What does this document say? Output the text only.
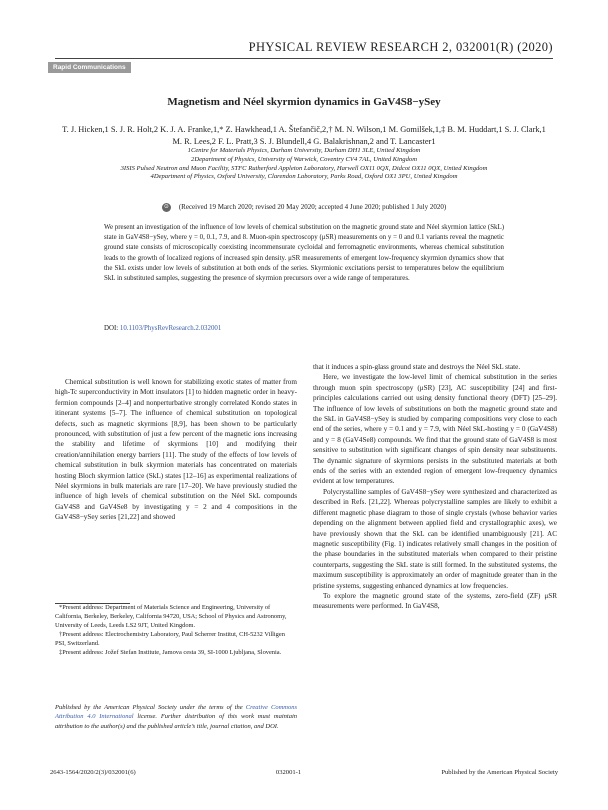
PHYSICAL REVIEW RESEARCH 2, 032001(R) (2020)
Rapid Communications
Magnetism and Néel skyrmion dynamics in GaV4S8−ySey
T. J. Hicken,1 S. J. R. Holt,2 K. J. A. Franke,1,* Z. Hawkhead,1 A. Štefančič,2,† M. N. Wilson,1 M. Gomilšek,1,‡ B. M. Huddart,1 S. J. Clark,1 M. R. Lees,2 F. L. Pratt,3 S. J. Blundell,4 G. Balakrishnan,2 and T. Lancaster1
1Centre for Materials Physics, Durham University, Durham DH1 3LE, United Kingdom
2Department of Physics, University of Warwick, Coventry CV4 7AL, United Kingdom
3ISIS Pulsed Neutron and Muon Facility, STFC Rutherford Appleton Laboratory, Harwell OX11 0QX, Didcot OX11 0QX, United Kingdom
4Department of Physics, Oxford University, Clarendon Laboratory, Parks Road, Oxford OX1 3PU, United Kingdom
⊙ (Received 19 March 2020; revised 20 May 2020; accepted 4 June 2020; published 1 July 2020)
We present an investigation of the influence of low levels of chemical substitution on the magnetic ground state and Néel skyrmion lattice (SkL) state in GaV4S8−ySey, where y = 0, 0.1, 7.9, and 8. Muon-spin spectroscopy (μSR) measurements on y = 0 and 0.1 variants reveal the magnetic ground state consists of microscopically coexisting incommensurate cycloidal and ferromagnetic environments, whereas chemical substitution leads to the growth of localized regions of increased spin density. μSR measurements of emergent low-frequency skyrmion dynamics show that the SkL exists under low levels of substitution at both ends of the series. Skyrmionic excitations persist to temperatures below the equilibrium SkL in substituted samples, suggesting the presence of skyrmion precursors over a wide range of temperatures.
DOI: 10.1103/PhysRevResearch.2.032001

Chemical substitution is well known for stabilizing exotic states of matter from high-Tc superconductivity in Mott insulators [1] to hidden magnetic order in heavy-fermion compounds [2–4] and nonperturbative strongly correlated Kondo states in itinerant systems [5–7]. The influence of chemical substitution on topological defects, such as magnetic skyrmions [8,9], has been shown to be particularly pronounced, with substitution of just a few percent of the magnetic ions increasing the stability and lifetime of skyrmions [10] and modifying their creation/annihilation energy barriers [11]. The study of the effects of low levels of chemical substitution in bulk skyrmion materials has concentrated on materials hosting Bloch skyrmion lattice (SkL) states [12–16] as experimental realizations of Néel skyrmions in bulk materials are rare [17–20]. We have previously studied the influence of high levels of chemical substitution on the Néel SkL compounds GaV4S8 and GaV4Se8 by investigating y = 2 and 4 compositions in the GaV4S8−ySey series [21,22] and showed

that it induces a spin-glass ground state and destroys the Néel SkL state.

Here, we investigate the low-level limit of chemical substitution in the series through muon spin spectroscopy (μSR) [23], AC susceptibility [24] and first-principles calculations carried out using density functional theory (DFT) [25–29]. The influence of low levels of substitutions on both the magnetic ground state and the SkL in GaV4S8−ySey is studied by comparing compositions very close to each end of the series, where y = 0.1 and y = 7.9, with Néel SkL-hosting y = 0 (GaV4S8) and y = 8 (GaV4Se8) compounds. We find that the ground state of GaV4S8 is most sensitive to substitution with significant changes of spin density near substituents. The dynamic signature of skyrmions persists in the substituted materials at both ends of the series with an extended region of emergent low-frequency dynamics evident at low temperatures.

Polycrystalline samples of GaV4S8−ySey were synthesized and characterized as described in Refs. [21,22]. Whereas polycrystalline samples are likely to exhibit a different magnetic phase diagram to those of single crystals (whose behavior varies depending on the alignment between applied field and crystallographic axes), we have previously shown that the SkL can be identified unambiguously [21]. AC magnetic susceptibility (Fig. 1) indicates relatively small changes in the position of the phase boundaries in the substituted materials when compared to their pristine counterparts, suggesting the SkL state is still formed. In the substituted systems, the maximum susceptibility is approximately an order of magnitude greater than in the pristine systems, suggesting enhanced dynamics at low frequencies.

To explore the magnetic ground state of the systems, zero-field (ZF) μSR measurements were performed. In GaV4S8,

*Present address: Department of Materials Science and Engineering, University of California, Berkeley, Berkeley, California 94720, USA; School of Physics and Astronomy, University of Leeds, Leeds LS2 9JT, United Kingdom.

†Present address: Electrochemistry Laboratory, Paul Scherrer Institut, CH-5232 Villigen PSI, Switzerland.

‡Present address: Jožef Stefan Institute, Jamova cesta 39, SI-1000 Ljubljana, Slovenia.

Published by the American Physical Society under the terms of the Creative Commons Attribution 4.0 International license. Further distribution of this work must maintain attribution to the author(s) and the published article’s title, journal citation, and DOI.
2643-1564/2020/2(3)/032001(6)	032001-1	Published by the American Physical Society
